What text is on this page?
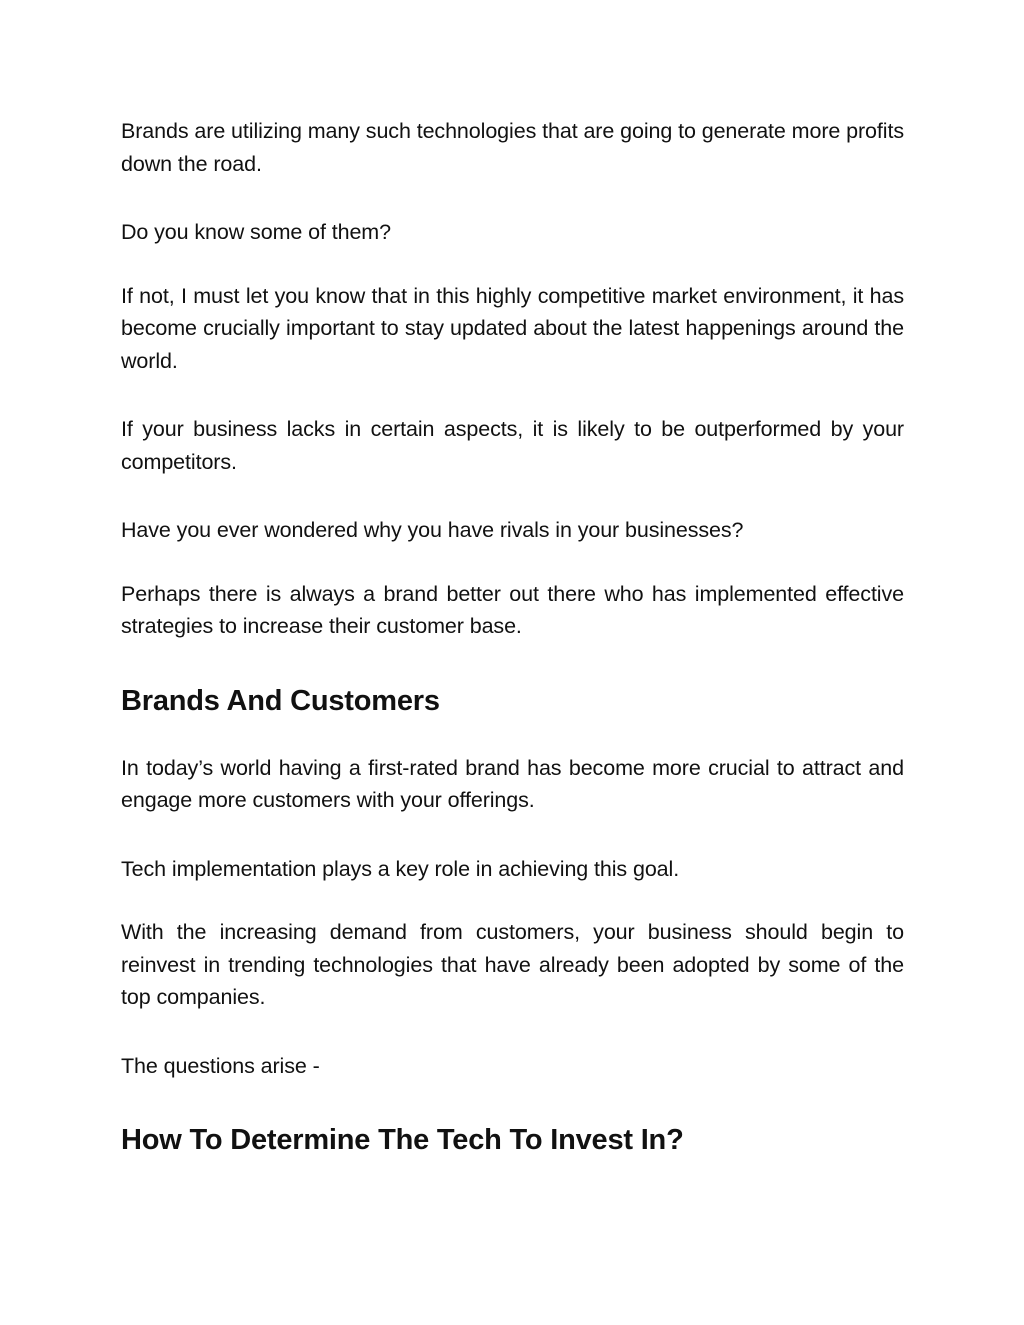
Brands are utilizing many such technologies that are going to generate more profits down the road.

Do you know some of them?

If not, I must let you know that in this highly competitive market environment, it has become crucially important to stay updated about the latest happenings around the world.

If your business lacks in certain aspects, it is likely to be outperformed by your competitors.

Have you ever wondered why you have rivals in your businesses?

Perhaps there is always a brand better out there who has implemented effective strategies to increase their customer base.

Brands And Customers

In today’s world having a first-rated brand has become more crucial to attract and engage more customers with your offerings.

Tech implementation plays a key role in achieving this goal.

With the increasing demand from customers, your business should begin to reinvest in trending technologies that have already been adopted by some of the top companies.

The questions arise -

How To Determine The Tech To Invest In?
